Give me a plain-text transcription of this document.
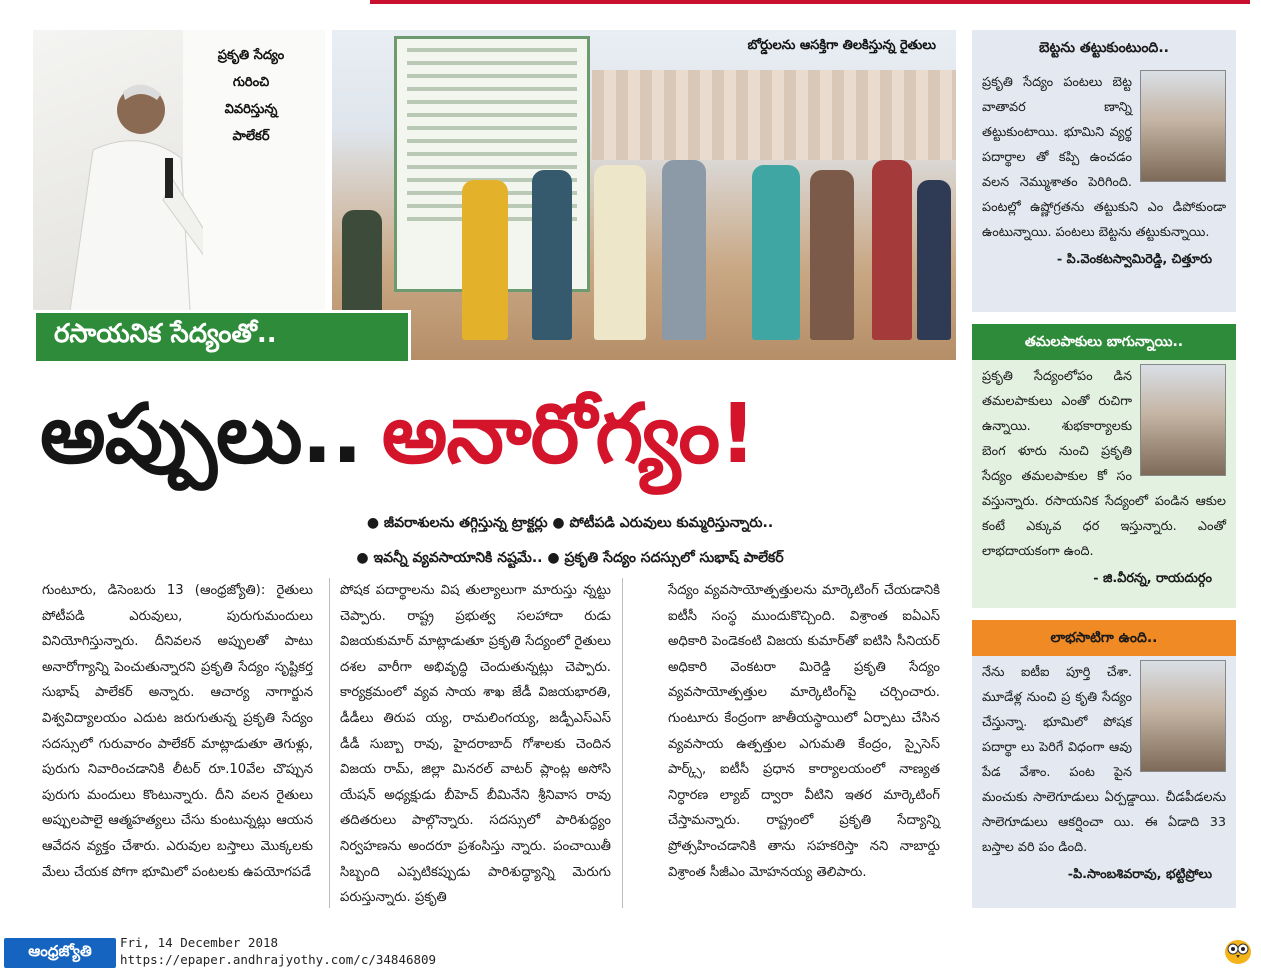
ప్రకృతి సేద్యం
గురించి
వివరిస్తున్న
పాలేకర్
బోర్డులను ఆసక్తిగా తిలకిస్తున్న రైతులు
రసాయనిక సేద్యంతో..
అప్పులు.. అనారోగ్యం!
● జీవరాశులను తగ్గిస్తున్న ట్రాక్టర్లు ● పోటీపడి ఎరువులు కుమ్మరిస్తున్నారు..
● ఇవన్నీ వ్యవసాయానికి నష్టమే.. ● ప్రకృతి సేద్యం సదస్సులో సుభాష్ పాలేకర్

గుంటూరు, డిసెంబరు 13 (ఆంధ్రజ్యోతి): రైతులు పోటీపడి ఎరువులు, పురుగుమందులు వినియోగిస్తున్నారు. దీనివలన అప్పులతో పాటు అనారోగ్యాన్ని పెంచుతున్నారని ప్రకృతి సేద్యం సృష్టికర్త సుభాష్ పాలేకర్ అన్నారు. ఆచార్య నాగార్జున విశ్వవిద్యాలయం ఎదుట జరుగుతున్న ప్రకృతి సేద్యం సదస్సులో గురువారం పాలేకర్ మాట్లాడుతూ తెగుళ్లు, పురుగు నివారించడానికి లీటర్ రూ.10వేల చొప్పున పురుగు మందులు కొంటున్నారు. దీని వలన రైతులు అప్పులపాలై ఆత్మహత్యలు చేసు కుంటున్నట్లు ఆయన ఆవేదన వ్యక్తం చేశారు. ఎరువుల బస్తాలు మొక్కలకు మేలు చేయక పోగా భూమిలో పంటలకు ఉపయోగపడే

పోషక పదార్థాలను విష తుల్యాలుగా మారుస్తు న్నట్టు చెప్పారు. రాష్ట్ర ప్రభుత్వ సలహాదా రుడు విజయకుమార్ మాట్లాడుతూ ప్రకృతి సేద్యంలో రైతులు దశల వారీగా అభివృద్ధి చెందుతున్నట్లు చెప్పారు. కార్యక్రమంలో వ్యవ సాయ శాఖ జేడీ విజయభారతి, డీడీలు తిరుప య్య, రామలింగయ్య, జడ్పీఎస్‌ఎస్ డీడీ సుబ్బా రావు, హైదరాబాద్ గోశాలకు చెందిన విజయ రామ్, జిల్లా మినరల్ వాటర్ ప్లాంట్ల అసోసి యేషన్ అధ్యక్షుడు బీహెచ్ బీమినేని శ్రీనివాస రావు తదితరులు పాల్గొన్నారు. సదస్సులో పారిశుద్ధ్యం నిర్వహణను అందరూ ప్రశంసిస్తు న్నారు. పంచాయితీ సిబ్బంది ఎప్పటికప్పుడు పారిశుద్ధ్యాన్ని మెరుగు పరుస్తున్నారు. ప్రకృతి

సేద్యం వ్యవసాయోత్పత్తులను మార్కెటింగ్ చేయడానికి ఐటీసీ సంస్థ ముందుకొచ్చింది. విశ్రాంత ఐఏఎస్ అధికారి పెండెకంటి విజయ కుమార్‌తో ఐటిసి సీనియర్ అధికారి వెంకటరా మిరెడ్డి ప్రకృతి సేద్యం వ్యవసాయోత్పత్తుల మార్కెటింగ్‌పై చర్చించారు. గుంటూరు కేంద్రంగా జాతీయస్థాయిలో ఏర్పాటు చేసిన వ్యవసాయ ఉత్పత్తుల ఎగుమతి కేంద్రం, స్పైసెస్ పార్క్స్, ఐటీసీ ప్రధాన కార్యాలయంలో నాణ్యత నిర్ధారణ ల్యాబ్ ద్వారా వీటిని ఇతర మార్కెటింగ్ చేస్తామన్నారు. రాష్ట్రంలో ప్రకృతి సేద్యాన్ని ప్రోత్సహించడానికి తాను సహకరిస్తా నని నాబార్డు విశ్రాంత సీజీఎం మోహనయ్య తెలిపారు.

బెట్టను తట్టుకుంటుంది..
ప్రకృతి సేద్యం పంటలు బెట్ట వాతావర ణాన్ని తట్టుకుంటాయి. భూమిని వ్యర్థ పదార్థాల తో కప్పి ఉంచడం వలన నెమ్ముశాతం పెరిగింది. పంటల్లో ఉష్ణోగ్రతను తట్టుకుని ఎం డిపోకుండా ఉంటున్నాయి. పంటలు బెట్టను తట్టుకున్నాయి.
- పి.వెంకటస్వామిరెడ్డి, చిత్తూరు
తమలపాకులు బాగున్నాయి..
ప్రకృతి సేద్యంలోపం డిన తమలపాకులు ఎంతో రుచిగా ఉన్నాయి. శుభకార్యాలకు బెంగ ళూరు నుంచి ప్రకృతి సేద్యం తమలపాకుల కో సం వస్తున్నారు. రసాయనిక సేద్యంలో పండిన ఆకుల కంటే ఎక్కువ ధర ఇస్తున్నారు. ఎంతో లాభదాయకంగా ఉంది.
- జి.వీరన్న, రాయదుర్గం
లాభసాటిగా ఉంది..
నేను ఐటీఐ పూర్తి చేశా. మూడేళ్ల నుంచి ప్ర కృతి సేద్యం చేస్తున్నా. భూమిలో పోషక పదార్థా లు పెరిగే విధంగా ఆవు పేడ వేశాం. పంట పైన మంచుకు సాలెగూడులు ఏర్పడ్డాయి. చీడపీడలను సాలెగూడులు ఆకర్షించా యి. ఈ ఏడాది 33 బస్తాల వరి పం డింది.
-పి.సాంబశివరావు, భట్టిప్రోలు
ఆంధ్రజ్యోతి	Fri, 14 December 2018
https://epaper.andhrajyothy.com/c/34846809
